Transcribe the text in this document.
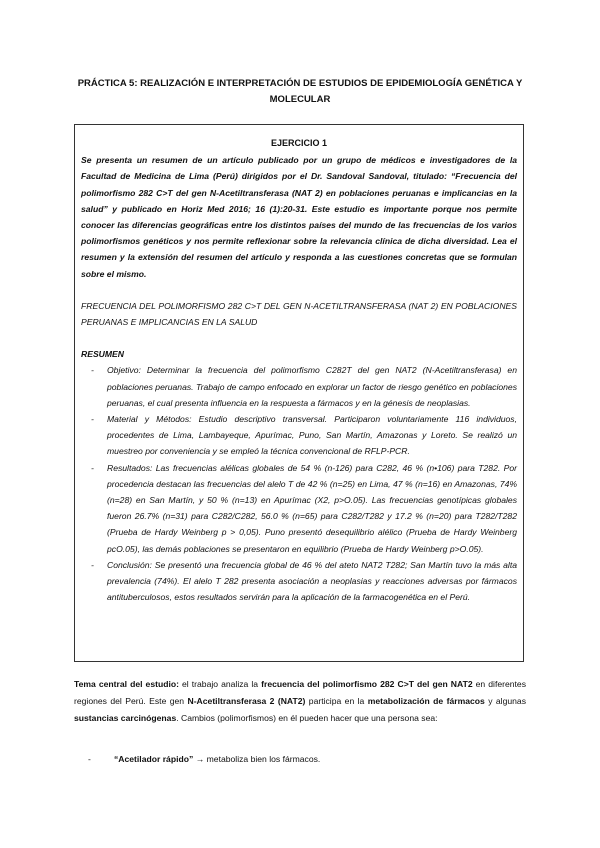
PRÁCTICA 5: REALIZACIÓN E INTERPRETACIÓN DE ESTUDIOS DE EPIDEMIOLOGÍA GENÉTICA Y
MOLECULAR
EJERCICIO 1
Se presenta un resumen de un artículo publicado por un grupo de médicos e investigadores de la Facultad de Medicina de Lima (Perú) dirigidos por el Dr. Sandoval Sandoval, titulado: “Frecuencia del polimorfismo 282 C>T del gen N-Acetiltransferasa (NAT 2) en poblaciones peruanas e implicancias en la salud” y publicado en Horiz Med 2016; 16 (1):20-31. Este estudio es importante porque nos permite conocer las diferencias geográficas entre los distintos países del mundo de las frecuencias de los varios polimorfismos genéticos y nos permite reflexionar sobre la relevancia clínica de dicha diversidad. Lea el resumen y la extensión del resumen del artículo y responda a las cuestiones concretas que se formulan sobre el mismo.
FRECUENCIA DEL POLIMORFISMO 282 C>T DEL GEN N-ACETILTRANSFERASA (NAT 2) EN POBLACIONES PERUANAS E IMPLICANCIAS EN LA SALUD
RESUMEN
- Objetivo: Determinar la frecuencia del polimorfismo C282T del gen NAT2 (N-Acetiltransferasa) en poblaciones peruanas. Trabajo de campo enfocado en explorar un factor de riesgo genético en poblaciones peruanas, el cual presenta influencia en la respuesta a fármacos y en la génesis de neoplasias.
- Material y Métodos: Estudio descriptivo transversal. Participaron voluntariamente 116 individuos, procedentes de Lima, Lambayeque, Apurímac, Puno, San Martín, Amazonas y Loreto. Se realizó un muestreo por conveniencia y se empleó la técnica convencional de RFLP-PCR.
- Resultados: Las frecuencias alélicas globales de 54 % (n-126) para C282, 46 % (n•106) para T282. Por procedencia destacan las frecuencias del alelo T de 42 % (n=25) en Lima, 47 % (n=16) en Amazonas, 74% (n=28) en San Martín, y 50 % (n=13) en Apurímac (X2, p>O.05). Las frecuencias genotípicas globales fueron 26.7% (n=31) para C282/C282, 56.0 % (n=65) para C282/T282 y 17.2 % (n=20) para T282/T282 (Prueba de Hardy Weinberg p > 0,05). Puno presentó desequilibrio alélico (Prueba de Hardy Weinberg pcO.05), las demás poblaciones se presentaron en equilibrio (Prueba de Hardy Weinberg p>O.05).
- Conclusión: Se presentó una frecuencia global de 46 % del ateto NAT2 T282; San Martín tuvo la más alta prevalencia (74%). El alelo T 282 presenta asociación a neoplasias y reacciones adversas por fármacos antituberculosos, estos resultados servirán para la aplicación de la farmacogenética en el Perú.
Tema central del estudio: el trabajo analiza la frecuencia del polimorfismo 282 C>T del gen NAT2 en diferentes regiones del Perú. Este gen N-Acetiltransferasa 2 (NAT2) participa en la metabolización de fármacos y algunas sustancias carcinógenas. Cambios (polimorfismos) en él pueden hacer que una persona sea:
-	“Acetilador rápido” → metaboliza bien los fármacos.
